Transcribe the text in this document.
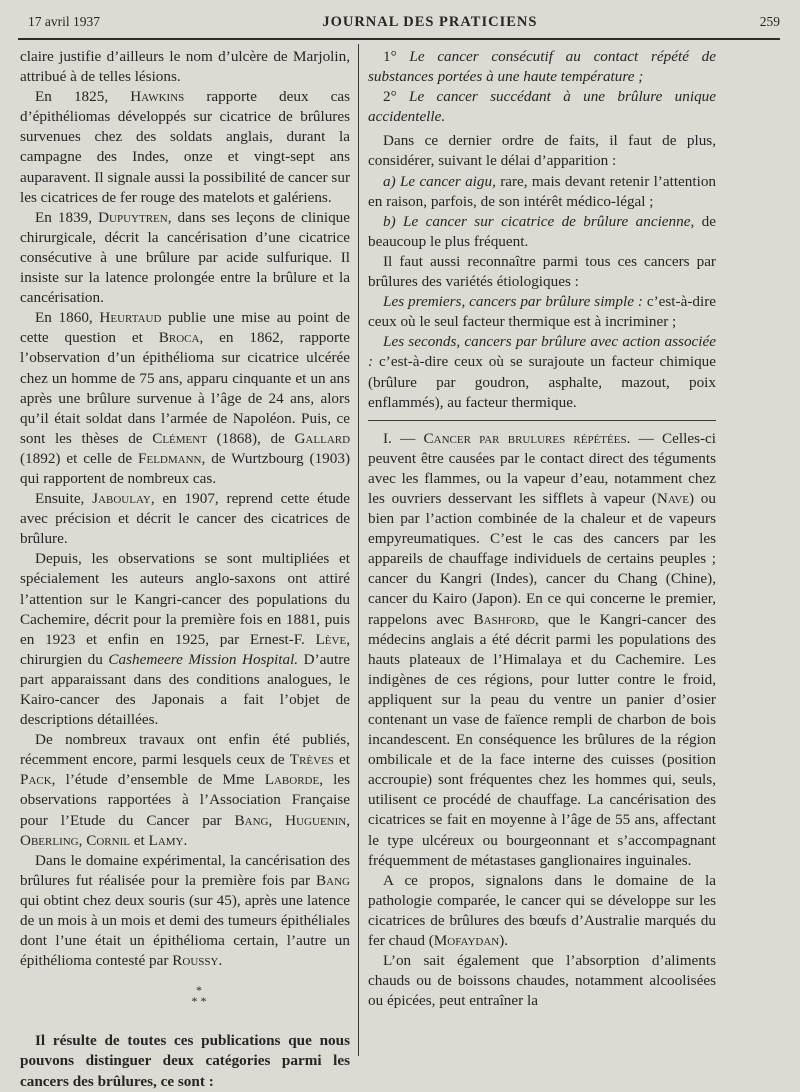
17 avril 1937	JOURNAL DES PRATICIENS	259

claire justifie d’ailleurs le nom d’ulcère de Marjolin, attribué à de telles lésions.

En 1825, Hawkins rapporte deux cas d’épithéliomas développés sur cicatrice de brûlures survenues chez des soldats anglais, durant la campagne des Indes, onze et vingt-sept ans auparavent. Il signale aussi la possibilité de cancer sur les cicatrices de fer rouge des matelots et galériens.

En 1839, Dupuytren, dans ses leçons de clinique chirurgicale, décrit la cancérisation d’une cicatrice consécutive à une brûlure par acide sulfurique. Il insiste sur la latence prolongée entre la brûlure et la cancérisation.

En 1860, Heurtaud publie une mise au point de cette question et Broca, en 1862, rapporte l’observation d’un épithélioma sur cicatrice ulcérée chez un homme de 75 ans, apparu cinquante et un ans après une brûlure survenue à l’âge de 24 ans, alors qu’il était soldat dans l’armée de Napoléon. Puis, ce sont les thèses de Clément (1868), de Gallard (1892) et celle de Feldmann, de Wurtzbourg (1903) qui rapportent de nombreux cas.

Ensuite, Jaboulay, en 1907, reprend cette étude avec précision et décrit le cancer des cicatrices de brûlure.

Depuis, les observations se sont multipliées et spécialement les auteurs anglo-saxons ont attiré l’attention sur le Kangri-cancer des populations du Cachemire, décrit pour la première fois en 1881, puis en 1923 et enfin en 1925, par Ernest-F. Lève, chirurgien du Cashemeere Mission Hospital. D’autre part apparaissant dans des conditions analogues, le Kairo-cancer des Japonais a fait l’objet de descriptions détaillées.

De nombreux travaux ont enfin été publiés, récemment encore, parmi lesquels ceux de Trèves et Pack, l’étude d’ensemble de Mme Laborde, les observations rapportées à l’Association Française pour l’Etude du Cancer par Bang, Huguenin, Oberling, Cornil et Lamy.

Dans le domaine expérimental, la cancérisation des brûlures fut réalisée pour la première fois par Bang qui obtint chez deux souris (sur 45), après une latence de un mois à un mois et demi des tumeurs épithéliales dont l’une était un épithélioma certain, l’autre un épithélioma contesté par Roussy.

*
* *

Il résulte de toutes ces publications que nous pouvons distinguer deux catégories parmi les cancers des brûlures, ce sont :

1° Le cancer consécutif au contact répété de substances portées à une haute température ;

2° Le cancer succédant à une brûlure unique accidentelle.

Dans ce dernier ordre de faits, il faut de plus, considérer, suivant le délai d’apparition :

a) Le cancer aigu, rare, mais devant retenir l’attention en raison, parfois, de son intérêt médico-légal ;

b) Le cancer sur cicatrice de brûlure ancienne, de beaucoup le plus fréquent.

Il faut aussi reconnaître parmi tous ces cancers par brûlures des variétés étiologiques :

Les premiers, cancers par brûlure simple : c’est-à-dire ceux où le seul facteur thermique est à incriminer ;

Les seconds, cancers par brûlure avec action associée : c’est-à-dire ceux où se surajoute un facteur chimique (brûlure par goudron, asphalte, mazout, poix enflammés), au facteur thermique.

I. — Cancer par brulures répétées. — Celles-ci peuvent être causées par le contact direct des téguments avec les flammes, ou la vapeur d’eau, notamment chez les ouvriers desservant les sifflets à vapeur (Nave) ou bien par l’action combinée de la chaleur et de vapeurs empyreumatiques. C’est le cas des cancers par les appareils de chauffage individuels de certains peuples ; cancer du Kangri (Indes), cancer du Chang (Chine), cancer du Kairo (Japon). En ce qui concerne le premier, rappelons avec Bashford, que le Kangri-cancer des médecins anglais a été décrit parmi les populations des hauts plateaux de l’Himalaya et du Cachemire. Les indigènes de ces régions, pour lutter contre le froid, appliquent sur la peau du ventre un panier d’osier contenant un vase de faïence rempli de charbon de bois incandescent. En conséquence les brûlures de la région ombilicale et de la face interne des cuisses (position accroupie) sont fréquentes chez les hommes qui, seuls, utilisent ce procédé de chauffage. La cancérisation des cicatrices se fait en moyenne à l’âge de 55 ans, affectant le type ulcéreux ou bourgeonnant et s’accompagnant fréquemment de métastases ganglionaires inguinales.

A ce propos, signalons dans le domaine de la pathologie comparée, le cancer qui se développe sur les cicatrices de brûlures des bœufs d’Australie marqués du fer chaud (Mofaydan).

L’on sait également que l’absorption d’aliments chauds ou de boissons chaudes, notamment alcoolisées ou épicées, peut entraîner la
